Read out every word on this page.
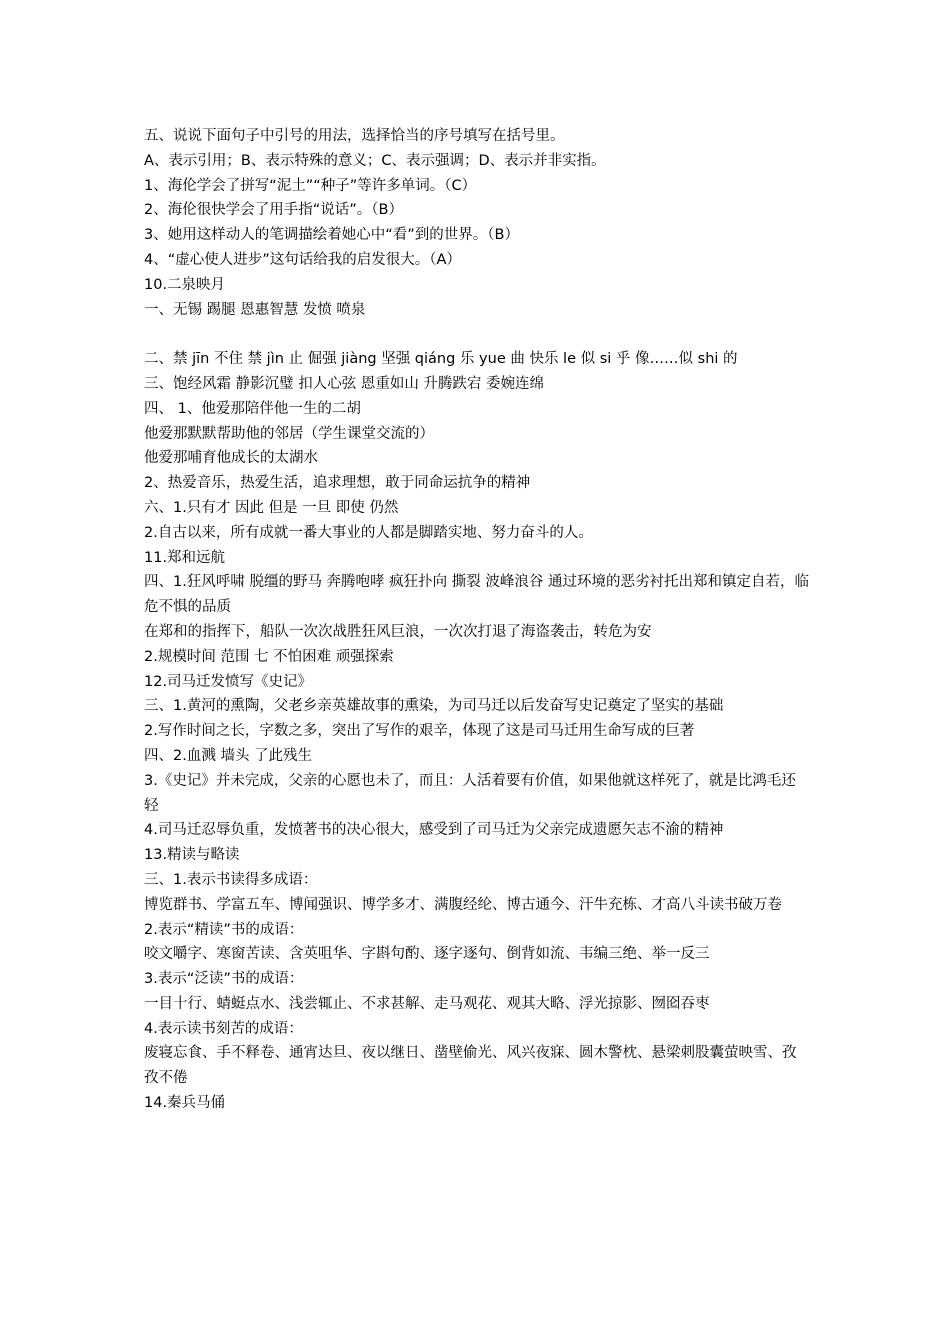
五、说说下面句子中引号的用法，选择恰当的序号填写在括号里。

A、表示引用；B、表示特殊的意义；C、表示强调；D、表示并非实指。

1、海伦学会了拼写“泥土”“种子”等许多单词。（C）

2、海伦很快学会了用手指“说话”。（B）

3、她用这样动人的笔调描绘着她心中“看”到的世界。（B）

4、“虚心使人进步”这句话给我的启发很大。（A）

10.二泉映月

一、无锡 踢腿 恩惠智慧 发愤 喷泉

二、禁 jīn 不住 禁 jìn 止 倔强 jiàng 坚强 qiáng 乐 yue 曲 快乐 le 似 si 乎 像……似 shi 的

三、饱经风霜 静影沉璧 扣人心弦 恩重如山 升腾跌宕 委婉连绵

四、 1、他爱那陪伴他一生的二胡

他爱那默默帮助他的邻居（学生课堂交流的）

他爱那哺育他成长的太湖水

2、热爱音乐，热爱生活，追求理想，敢于同命运抗争的精神

六、1.只有才 因此 但是 一旦 即使 仍然

2.自古以来，所有成就一番大事业的人都是脚踏实地、努力奋斗的人。

11.郑和远航

四、1.狂风呼啸 脱缰的野马 奔腾咆哮 疯狂扑向 撕裂 波峰浪谷 通过环境的恶劣衬托出郑和镇定自若，临危不惧的品质

在郑和的指挥下，船队一次次战胜狂风巨浪，一次次打退了海盗袭击，转危为安

2.规模时间 范围 七 不怕困难 顽强探索

12.司马迁发愤写《史记》

三、1.黄河的熏陶，父老乡亲英雄故事的熏染，为司马迁以后发奋写史记奠定了坚实的基础

2.写作时间之长，字数之多，突出了写作的艰辛，体现了这是司马迁用生命写成的巨著

四、2.血溅 墙头 了此残生

3.《史记》并未完成，父亲的心愿也未了，而且：人活着要有价值，如果他就这样死了，就是比鸿毛还轻

4.司马迁忍辱负重，发愤著书的决心很大，感受到了司马迁为父亲完成遗愿矢志不渝的精神

13.精读与略读

三、1.表示书读得多成语：

博览群书、学富五车、博闻强识、博学多才、满腹经纶、博古通今、汗牛充栋、才高八斗读书破万卷

2.表示“精读”书的成语：

咬文嚼字、寒窗苦读、含英咀华、字斟句酌、逐字逐句、倒背如流、韦编三绝、举一反三

3.表示“泛读”书的成语：

一目十行、蜻蜓点水、浅尝辄止、不求甚解、走马观花、观其大略、浮光掠影、囫囵吞枣

4.表示读书刻苦的成语：

废寝忘食、手不释卷、通宵达旦、夜以继日、凿壁偷光、风兴夜寐、圆木警枕、悬梁刺股囊萤映雪、孜孜不倦

14.秦兵马俑
